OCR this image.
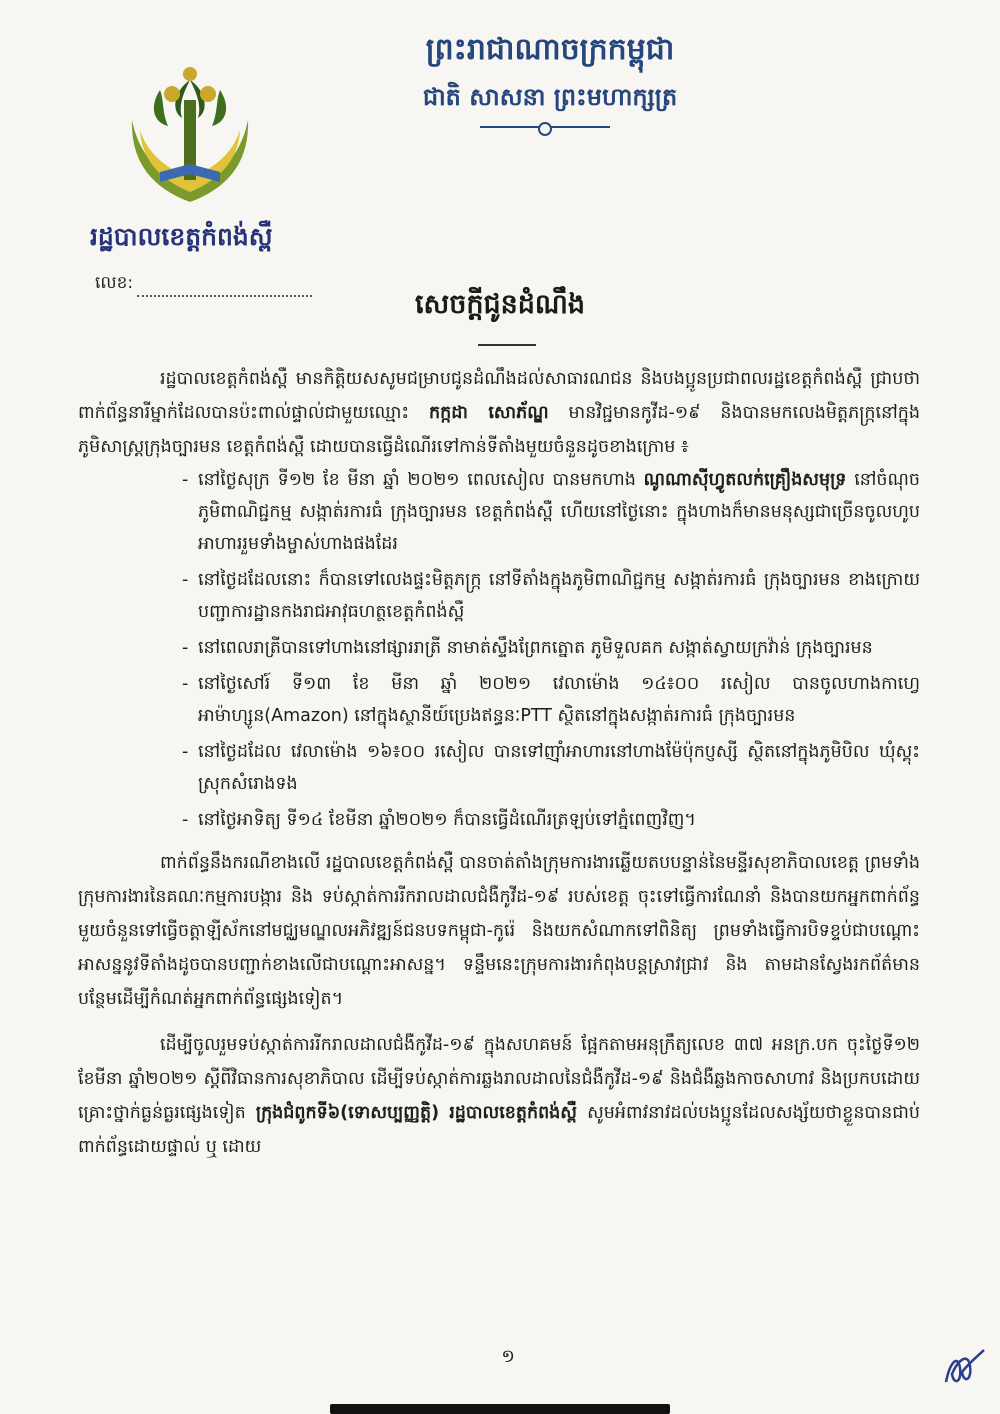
ព្រះរាជាណាចក្រកម្ពុជា
ជាតិ សាសនា ព្រះមហាក្សត្រ
រដ្ឋបាលខេត្តកំពង់ស្ពឺ
លេខ:
សេចក្តីជូនដំណឹង

រដ្ឋបាលខេត្តកំពង់ស្ពឺ មានកិត្តិយសសូមជម្រាបជូនដំណឹងដល់សាធារណជន និងបងប្អូនប្រជាពលរដ្ឋខេត្តកំពង់ស្ពឺ ជ្រាបថា ពាក់ព័ន្ធនារីម្នាក់ដែលបានប៉ះពាល់ផ្ទាល់ជាមួយឈ្មោះ កក្កដា សោភ័ណ្ឌ មានវិជ្ជមានកូវីដ-១៩ និងបានមកលេងមិត្តភក្ក្រនៅក្នុងភូមិសាស្ត្រក្រុងច្បារមន ខេត្តកំពង់ស្ពឺ ដោយបានធ្វើដំណើរទៅកាន់ទីតាំងមួយចំនួនដូចខាងក្រោម ៖

- នៅថ្ងៃសុក្រ ទី១២ ខែ មីនា ឆ្នាំ ២០២១ ពេលសៀល បានមកហាង ណូណាស៊ីហ្វូតលក់គ្រឿងសមុទ្រ នៅចំណុចភូមិពាណិជ្ជកម្ម សង្កាត់រការធំ ក្រុងច្បារមន ខេត្តកំពង់ស្ពឺ ហើយនៅថ្ងៃនោះ ក្នុងហាងក៏មានមនុស្សជាច្រើនចូលហូបអាហាររួមទាំងម្ចាស់ហាងផងដែរ
- នៅថ្ងៃដដែលនោះ ក៏បានទៅលេងផ្ទះមិត្តភក្ក្រ នៅទីតាំងក្នុងភូមិពាណិជ្ជកម្ម សង្កាត់រការធំ ក្រុងច្បារមន ខាងក្រោយបញ្ជាការដ្ឋានកងរាជអាវុធហត្ថខេត្តកំពង់ស្ពឺ
- នៅពេលរាត្រីបានទៅហាងនៅផ្សាររាត្រី នាមាត់ស្ទឹងព្រែកត្នោត ភូមិទួលគក សង្កាត់ស្វាយក្រវ៉ាន់ ក្រុងច្បារមន
- នៅថ្ងៃសៅរ៍ ទី១៣ ខែ មីនា ឆ្នាំ ២០២១ វេលាម៉ោង ១៤៖០០ រសៀល បានចូលហាងកាហ្វេអាម៉ាហ្សូន(Amazon) នៅក្នុងស្ថានីយ៍ប្រេងឥន្ធនៈPTT ស្ថិតនៅក្នុងសង្កាត់រការធំ ក្រុងច្បារមន
- នៅថ្ងៃដដែល វេលាម៉ោង ១៦៖០០ រសៀល បានទៅញ៉ាំអាហារនៅហាងម៉ែប៉ុកប្ញស្សី ស្ថិតនៅក្នុងភូមិបិល ឃុំស្គុះ ស្រុកសំរោងទង
- នៅថ្ងៃអាទិត្យ ទី១៤ ខែមីនា ឆ្នាំ២០២១ ក៏បានធ្វើដំណើរត្រឡប់ទៅភ្នំពេញវិញ។

ពាក់ព័ន្ធនឹងករណីខាងលើ រដ្ឋបាលខេត្តកំពង់ស្ពឺ បានចាត់តាំងក្រុមការងារឆ្លើយតបបន្ទាន់នៃមន្ទីរសុខាភិបាលខេត្ត ព្រមទាំងក្រុមការងារនៃគណៈកម្មការបង្ការ និង ទប់ស្កាត់ការរីករាលដាលជំងឺកូវីដ-១៩ របស់ខេត្ត ចុះទៅធ្វើការណែនាំ និងបានយកអ្នកពាក់ព័ន្ធមួយចំនួនទៅធ្វើចត្តាឡីស័កនៅមជ្ឈមណ្ឌលអភិវឌ្ឍន៍ជនបទកម្ពុជា-កូរ៉េ និងយកសំណាកទៅពិនិត្យ ព្រមទាំងធ្វើការបិទខ្ទប់ជាបណ្តោះអាសន្ននូវទីតាំងដូចបានបញ្ជាក់ខាងលើជាបណ្តោះអាសន្ន។ ទន្ទឹមនេះក្រុមការងារកំពុងបន្តស្រាវជ្រាវ និង តាមដានស្វែងរកព័ត៌មានបន្ថែមដើម្បីកំណត់អ្នកពាក់ព័ន្ធផ្សេងទៀត។

ដើម្បីចូលរួមទប់ស្កាត់ការរីករាលដាលជំងឺកូវីដ-១៩ ក្នុងសហគមន៍ ផ្អែកតាមអនុក្រឹត្យលេខ ៣៧ អនក្រ.បក ចុះថ្ងៃទី១២ ខែមីនា ឆ្នាំ២០២១ ស្តីពីវិធានការសុខាភិបាល ដើម្បីទប់ស្កាត់ការឆ្លងរាលដាលនៃជំងឺកូវីដ-១៩ និងជំងឺឆ្លងកាចសាហាវ និងប្រកបដោយគ្រោះថ្នាក់ធ្ងន់ធ្ងរផ្សេងទៀត ក្រុងជំពូកទី៦(ទោសប្បញ្ញត្តិ) រដ្ឋបាលខេត្តកំពង់ស្ពឺ សូមអំពាវនាវដល់បងប្អូនដែលសង្ស័យថាខ្លួនបានជាប់ពាក់ព័ន្ធដោយផ្ទាល់ ឬ ដោយ

១
